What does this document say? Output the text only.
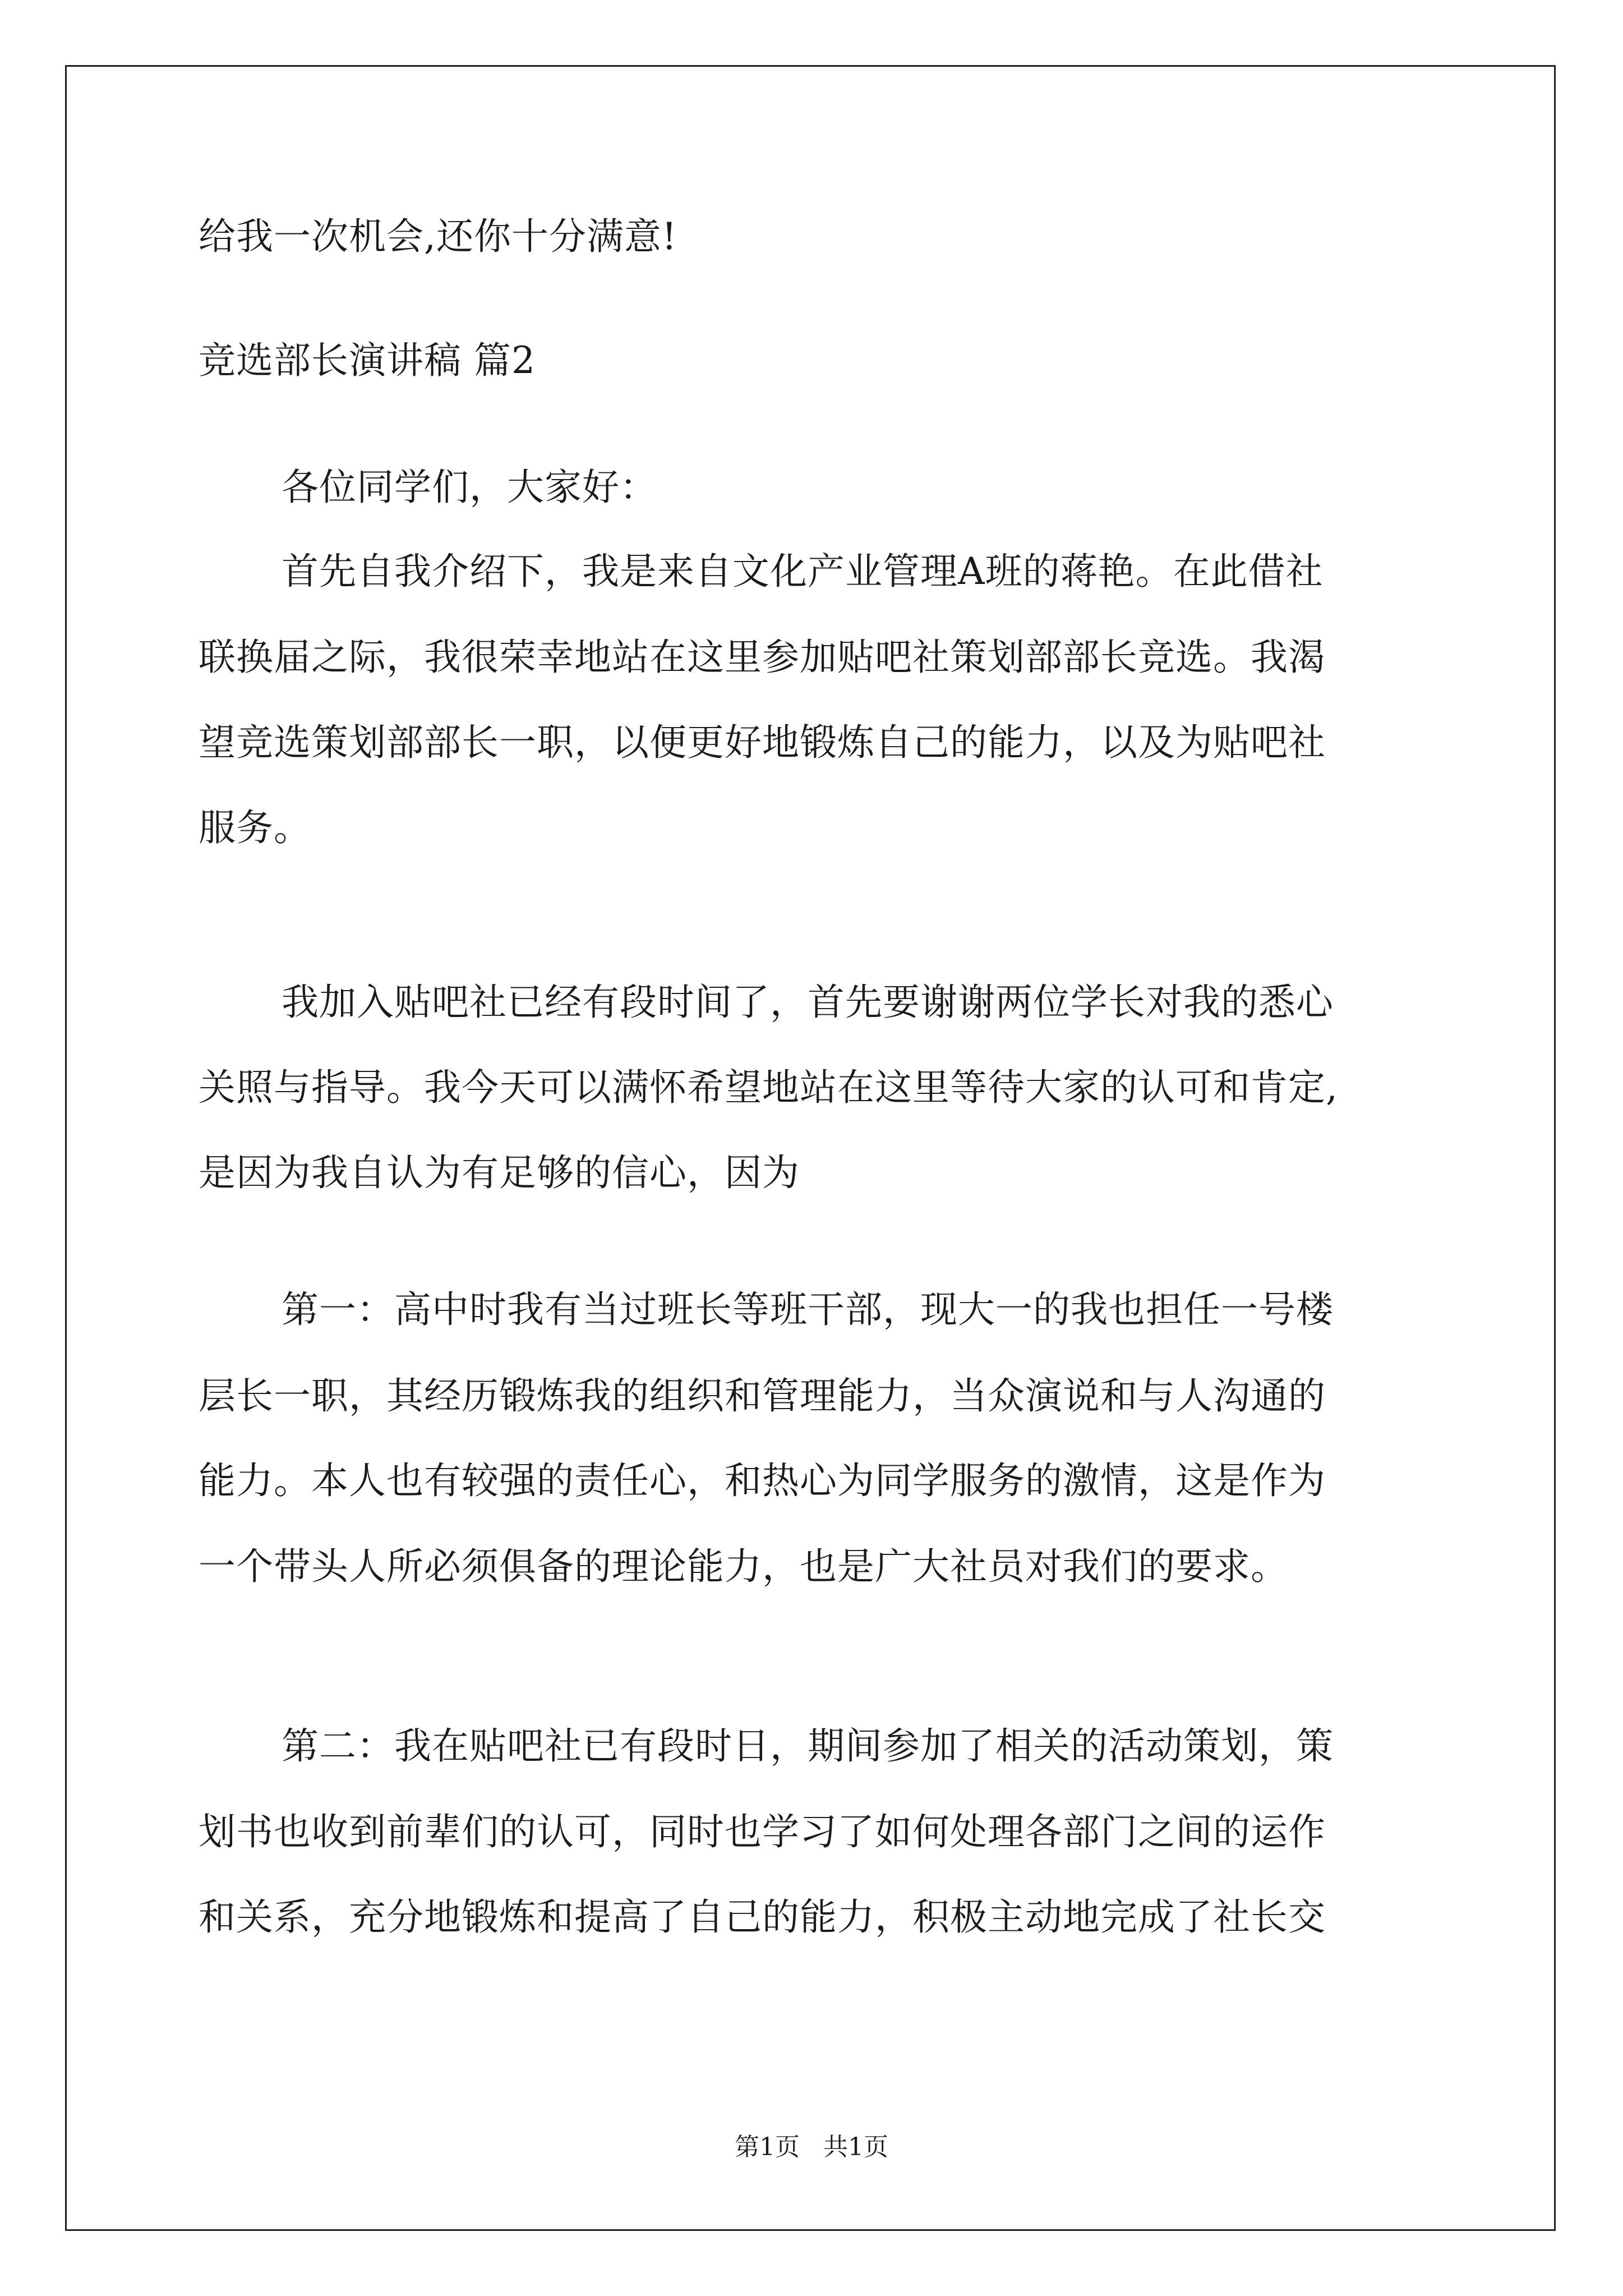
给我一次机会,还你十分满意!
竞选部长演讲稿 篇2
各位同学们，大家好：
首先自我介绍下，我是来自文化产业管理A班的蒋艳。在此借社
联换届之际，我很荣幸地站在这里参加贴吧社策划部部长竞选。我渴
望竞选策划部部长一职，以便更好地锻炼自己的能力，以及为贴吧社
服务。
我加入贴吧社已经有段时间了，首先要谢谢两位学长对我的悉心
关照与指导。我今天可以满怀希望地站在这里等待大家的认可和肯定,
是因为我自认为有足够的信心，因为
第一：高中时我有当过班长等班干部，现大一的我也担任一号楼
层长一职，其经历锻炼我的组织和管理能力，当众演说和与人沟通的
能力。本人也有较强的责任心，和热心为同学服务的激情，这是作为
一个带头人所必须俱备的理论能力，也是广大社员对我们的要求。
第二：我在贴吧社已有段时日，期间参加了相关的活动策划，策
划书也收到前辈们的认可，同时也学习了如何处理各部门之间的运作
和关系，充分地锻炼和提高了自己的能力，积极主动地完成了社长交
第1页   共1页
